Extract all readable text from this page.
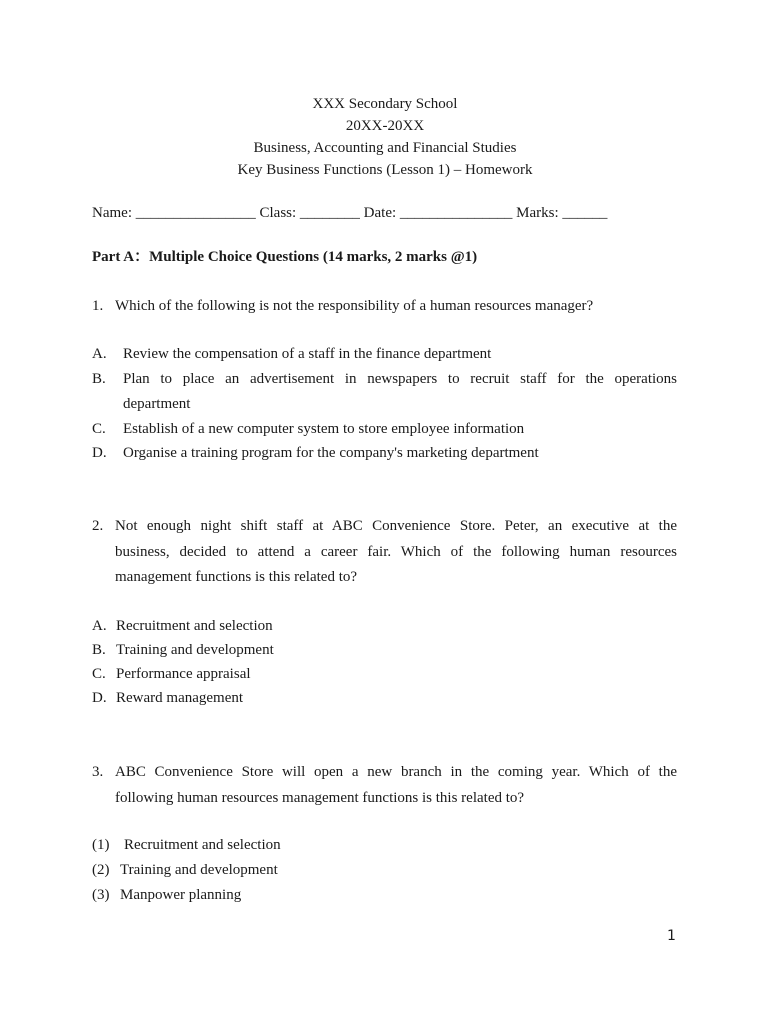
XXX Secondary School
20XX-20XX
Business, Accounting and Financial Studies
Key Business Functions (Lesson 1) – Homework
Name: ________________ Class: ________ Date: _______________ Marks: ______
Part A：Multiple Choice Questions (14 marks, 2 marks @1)
1. Which of the following is not the responsibility of a human resources manager?
A. Review the compensation of a staff in the finance department
B. Plan to place an advertisement in newspapers to recruit staff for the operations
department
C. Establish of a new computer system to store employee information
D. Organise a training program for the company's marketing department
2. Not enough night shift staff at ABC Convenience Store. Peter, an executive at the
business, decided to attend a career fair. Which of the following human resources
management functions is this related to?
A. Recruitment and selection
B. Training and development
C. Performance appraisal
D. Reward management
3. ABC Convenience Store will open a new branch in the coming year. Which of the
following human resources management functions is this related to?
(1) Recruitment and selection
(2) Training and development
(3) Manpower planning
1
